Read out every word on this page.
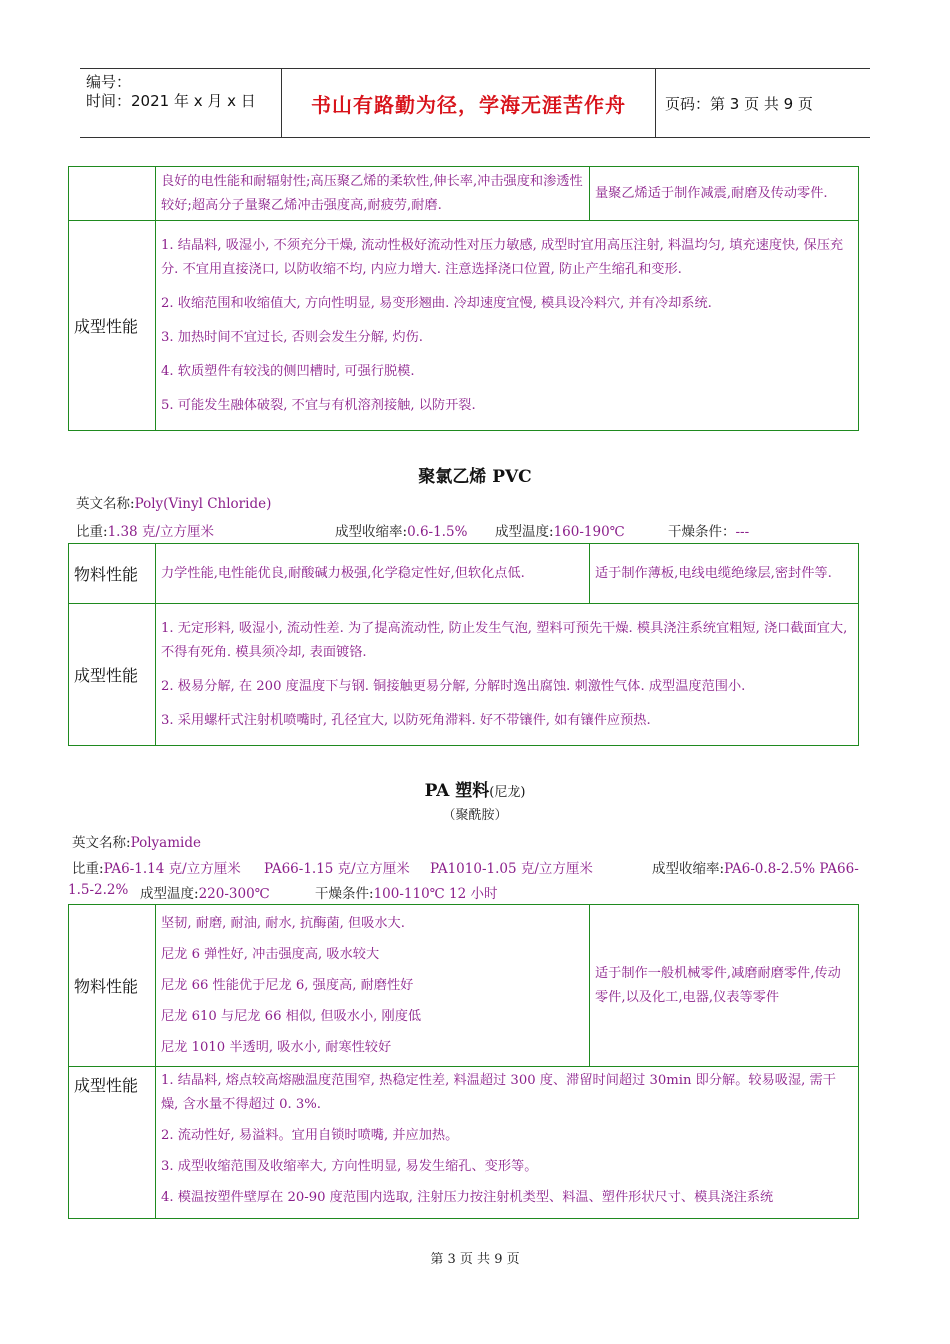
编号：
时间：2021 年 x 月 x 日	书山有路勤为径，学海无涯苦作舟	页码：第 3 页 共 9 页
	良好的电性能和耐辐射性;高压聚乙烯的柔软性,伸长率,冲击强度和渗透性较好;超高分子量聚乙烯冲击强度高,耐疲劳,耐磨.	量聚乙烯适于制作减震,耐磨及传动零件.
成型性能	1. 结晶料, 吸湿小, 不须充分干燥, 流动性极好流动性对压力敏感, 成型时宜用高压注射, 料温均匀, 填充速度快, 保压充分. 不宜用直接浇口, 以防收缩不均, 内应力增大. 注意选择浇口位置, 防止产生缩孔和变形.

2. 收缩范围和收缩值大, 方向性明显, 易变形翘曲. 冷却速度宜慢, 模具设冷料穴, 并有冷却系统.

3. 加热时间不宜过长, 否则会发生分解, 灼伤.

4. 软质塑件有较浅的侧凹槽时, 可强行脱模.

5. 可能发生融体破裂, 不宜与有机溶剂接触, 以防开裂.	

聚氯乙烯 PVC
英文名称:Poly(Vinyl Chloride)
比重:1.38 克/立方厘米	成型收缩率:0.6-1.5% 成型温度:160-190℃	干燥条件：---
物料性能	力学性能,电性能优良,耐酸碱力极强,化学稳定性好,但软化点低.	适于制作薄板,电线电缆绝缘层,密封件等.
成型性能	1. 无定形料, 吸湿小, 流动性差. 为了提高流动性, 防止发生气泡, 塑料可预先干燥. 模具浇注系统宜粗短, 浇口截面宜大, 不得有死角. 模具须冷却, 表面镀铬.

2. 极易分解, 在 200 度温度下与钢. 铜接触更易分解, 分解时逸出腐蚀. 刺激性气体. 成型温度范围小.

3. 采用螺杆式注射机喷嘴时, 孔径宜大, 以防死角滞料. 好不带镶件, 如有镶件应预热.	

PA 塑料(尼龙)
（聚酰胺）
英文名称:Polyamide
比重:PA6-1.14 克/立方厘米 PA66-1.15 克/立方厘米 PA1010-1.05 克/立方厘米	成型收缩率:PA6-0.8-2.5% PA66-
1.5-2.2% 成型温度:220-300℃	干燥条件:100-110℃ 12 小时
物料性能	坚韧, 耐磨, 耐油, 耐水, 抗酶菌, 但吸水大.

尼龙 6 弹性好, 冲击强度高, 吸水较大

尼龙 66 性能优于尼龙 6, 强度高, 耐磨性好

尼龙 610 与尼龙 66 相似, 但吸水小, 刚度低

尼龙 1010 半透明, 吸水小, 耐寒性较好	适于制作一般机械零件,减磨耐磨零件,传动零件,以及化工,电器,仪表等零件
成型性能	1. 结晶料, 熔点较高熔融温度范围窄, 热稳定性差, 料温超过 300 度、滞留时间超过 30min 即分解。较易吸湿, 需干燥, 含水量不得超过 0. 3%.

2. 流动性好, 易溢料。宜用自锁时喷嘴, 并应加热。

3. 成型收缩范围及收缩率大, 方向性明显, 易发生缩孔、变形等。

4. 模温按塑件壁厚在 20-90 度范围内选取, 注射压力按注射机类型、料温、塑件形状尺寸、模具浇注系统	

第 3 页 共 9 页
